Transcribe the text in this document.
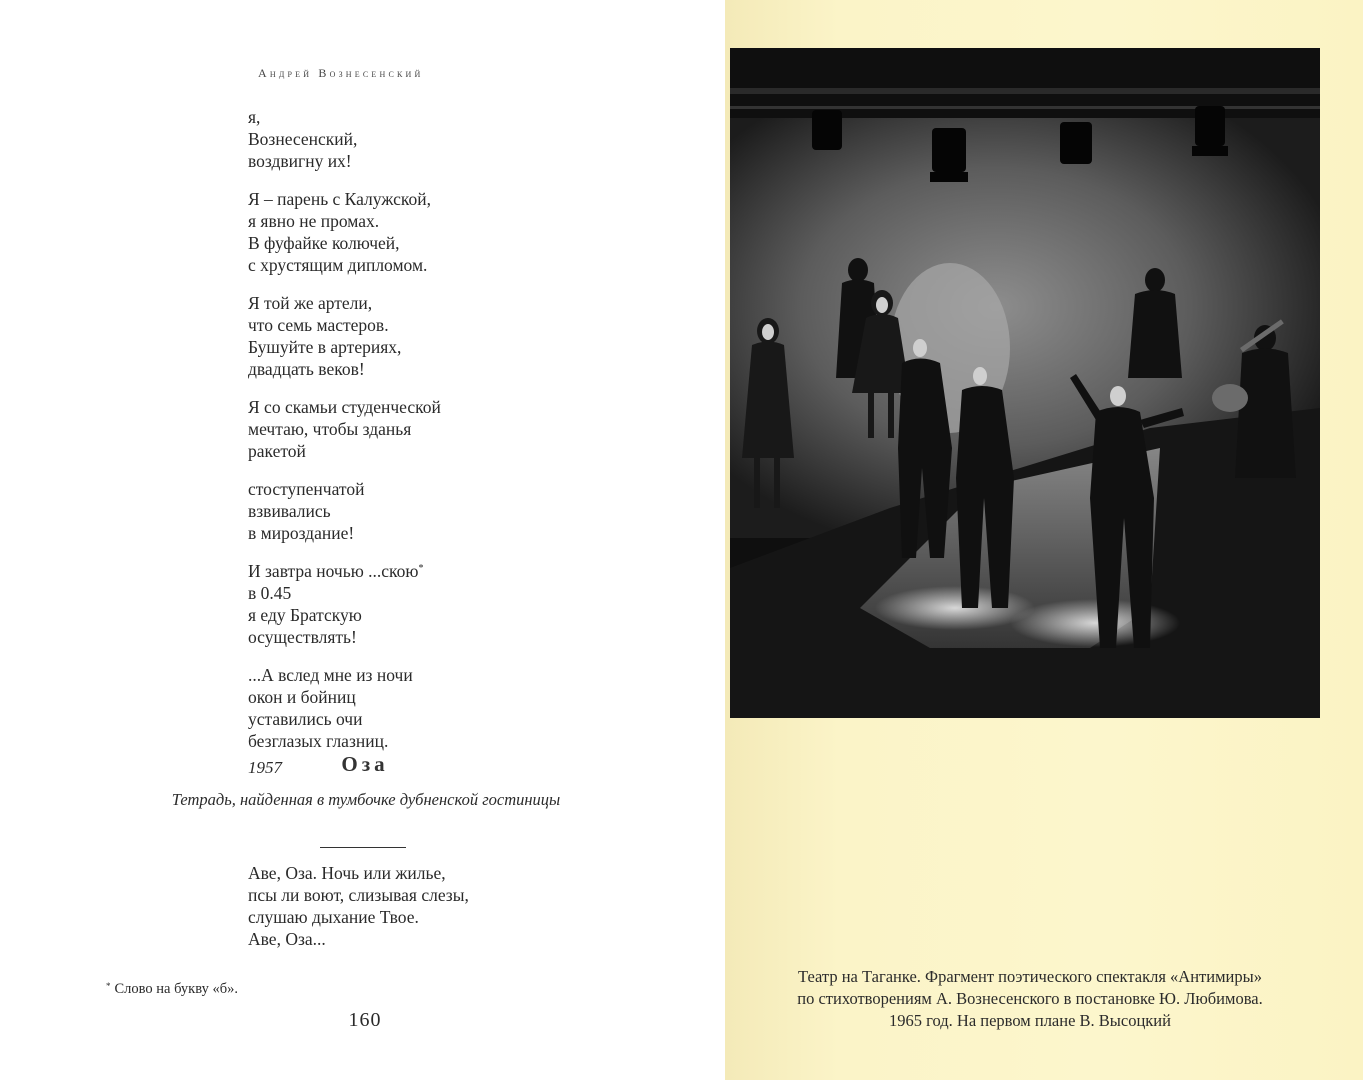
Андрей Вознесенский
я,
Вознесенский,
воздвигну их!
Я – парень с Калужской,
я явно не промах.
В фуфайке колючей,
с хрустящим дипломом.
Я той же артели,
что семь мастеров.
Бушуйте в артериях,
двадцать веков!
Я со скамьи студенческой
мечтаю, чтобы зданья
ракетой
стоступенчатой
взвивались
в мироздание!
И завтра ночью ...скою*
в 0.45
я еду Братскую
осуществлять!
...А вслед мне из ночи
окон и бойниц
уставились очи
безглазых глазниц.
1957	Оза
Тетрадь, найденная в тумбочке дубненской гостиницы
Аве, Оза. Ночь или жилье,
псы ли воют, слизывая слезы,
слушаю дыхание Твое.
Аве, Оза...
* Слово на букву «б».
160
Театр на Таганке. Фрагмент поэтического спектакля «Антимиры»
по стихотворениям А. Вознесенского в постановке Ю. Любимова.
1965 год. На первом плане В. Высоцкий
